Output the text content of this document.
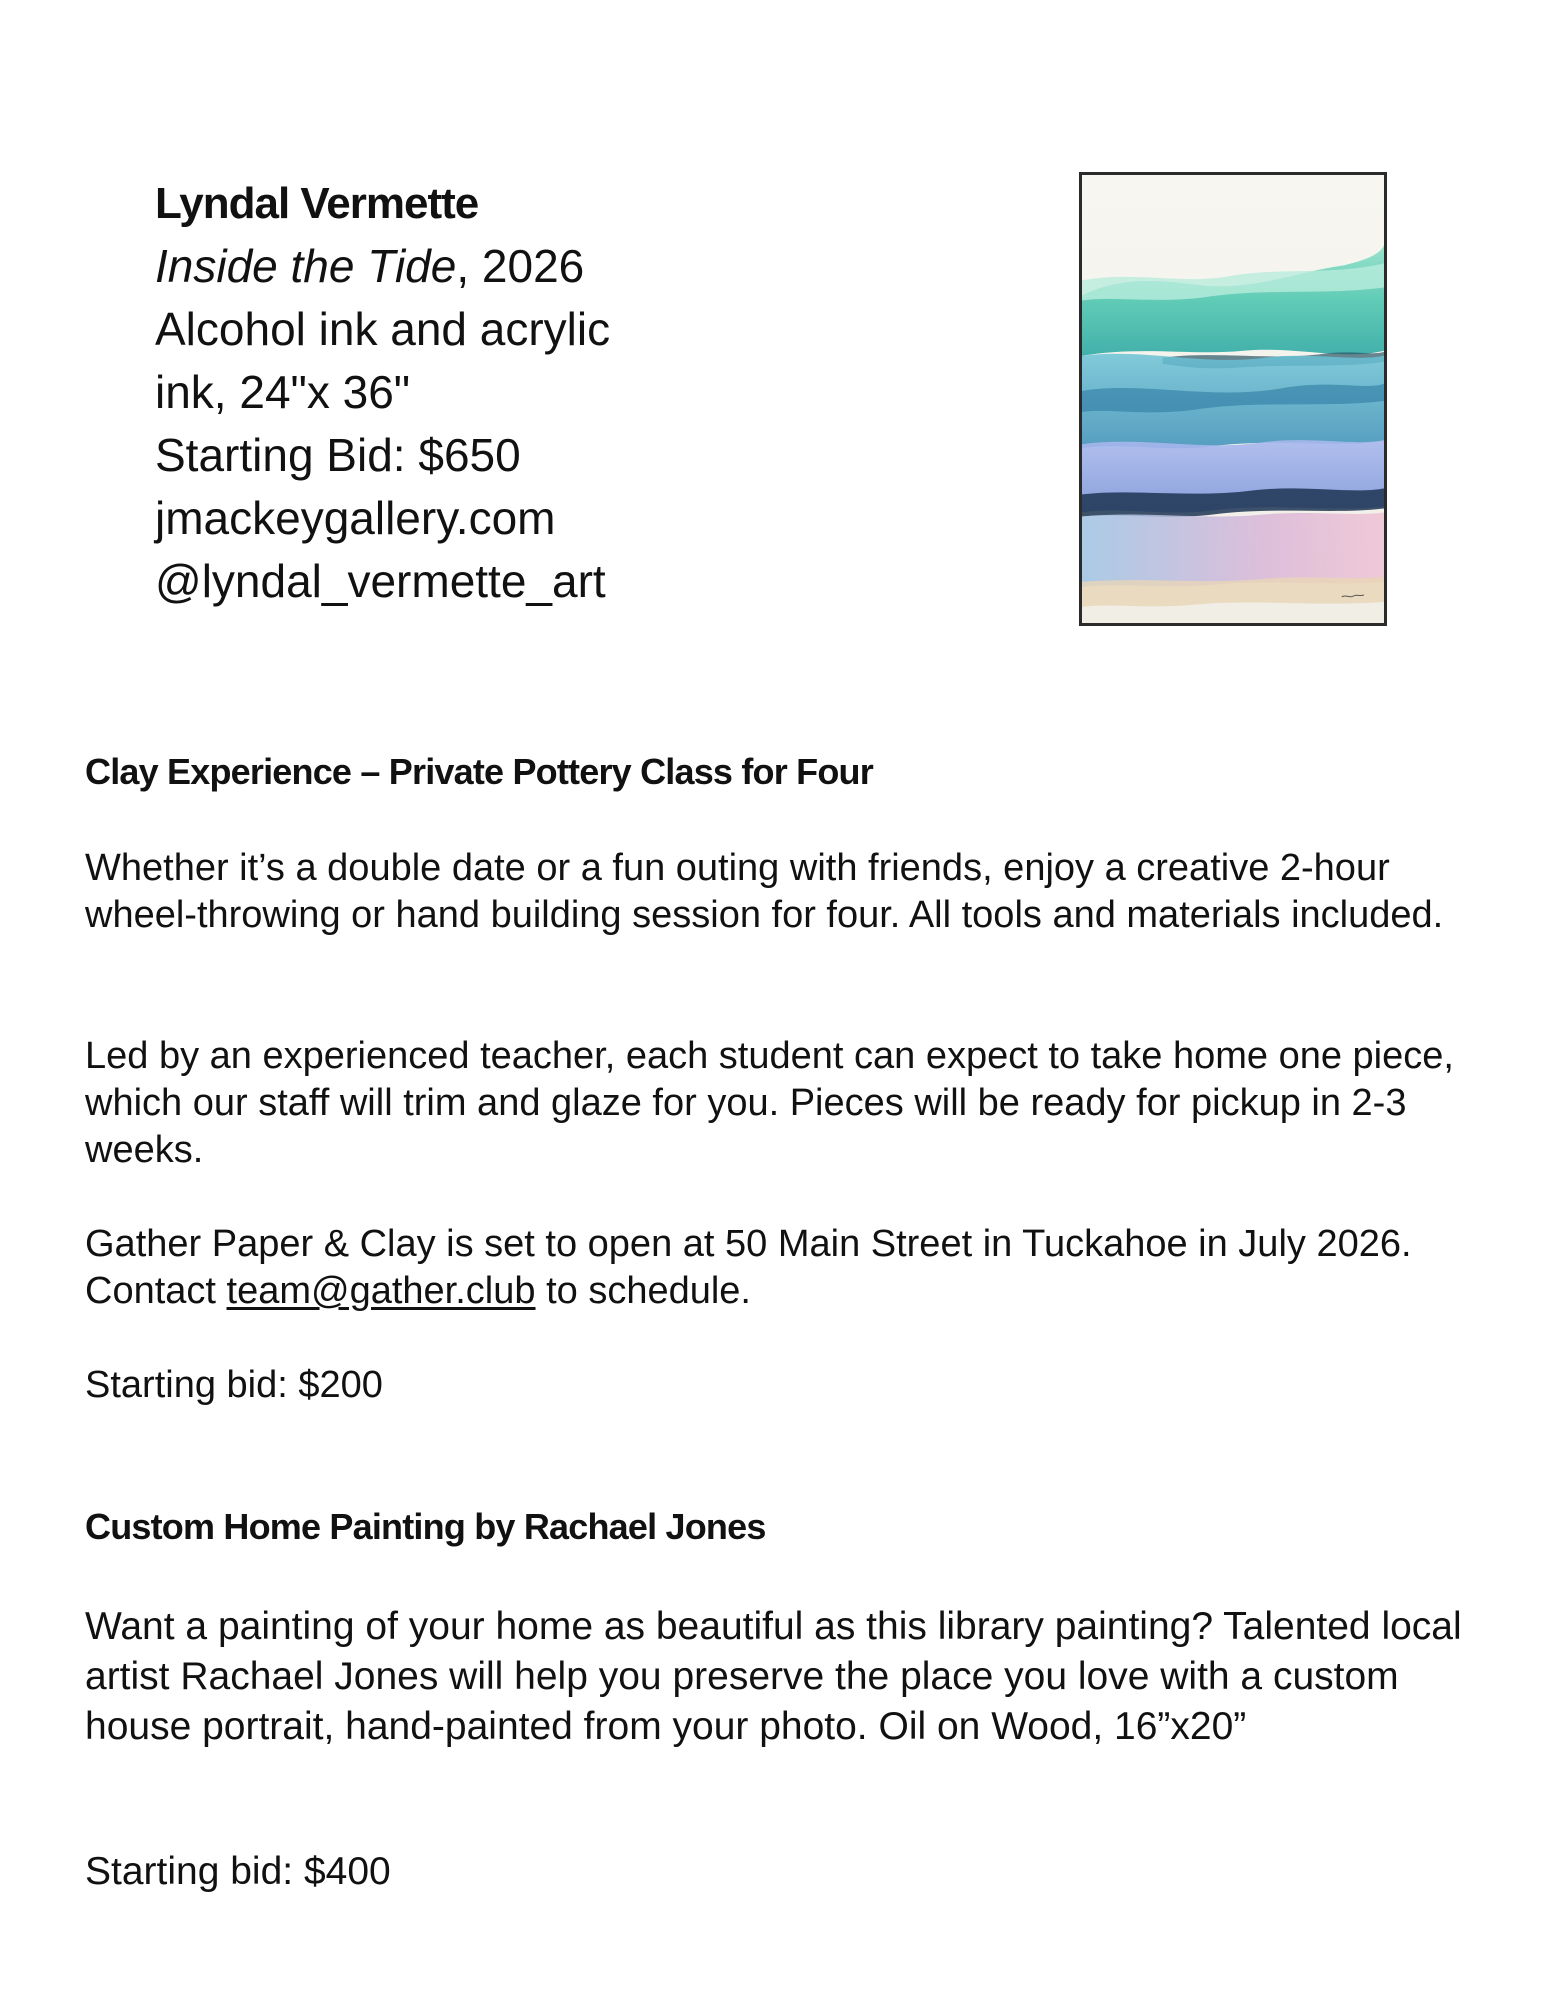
Lyndal Vermette
Inside the Tide, 2026
Alcohol ink and acrylic
ink, 24"x 36"
Starting Bid: $650
jmackeygallery.com
@lyndal_vermette_art
Clay Experience – Private Pottery Class for Four

Whether it’s a double date or a fun outing with friends, enjoy a creative 2-hour wheel-throwing or hand building session for four. All tools and materials included.

Led by an experienced teacher, each student can expect to take home one piece, which our staff will trim and glaze for you. Pieces will be ready for pickup in 2-3 weeks.

Gather Paper & Clay is set to open at 50 Main Street in Tuckahoe in July 2026.
Contact team@gather.club to schedule.

Starting bid: $200

Custom Home Painting by Rachael Jones

Want a painting of your home as beautiful as this library painting? Talented local artist Rachael Jones will help you preserve the place you love with a custom house portrait, hand-painted from your photo. Oil on Wood, 16”x20”

Starting bid: $400
